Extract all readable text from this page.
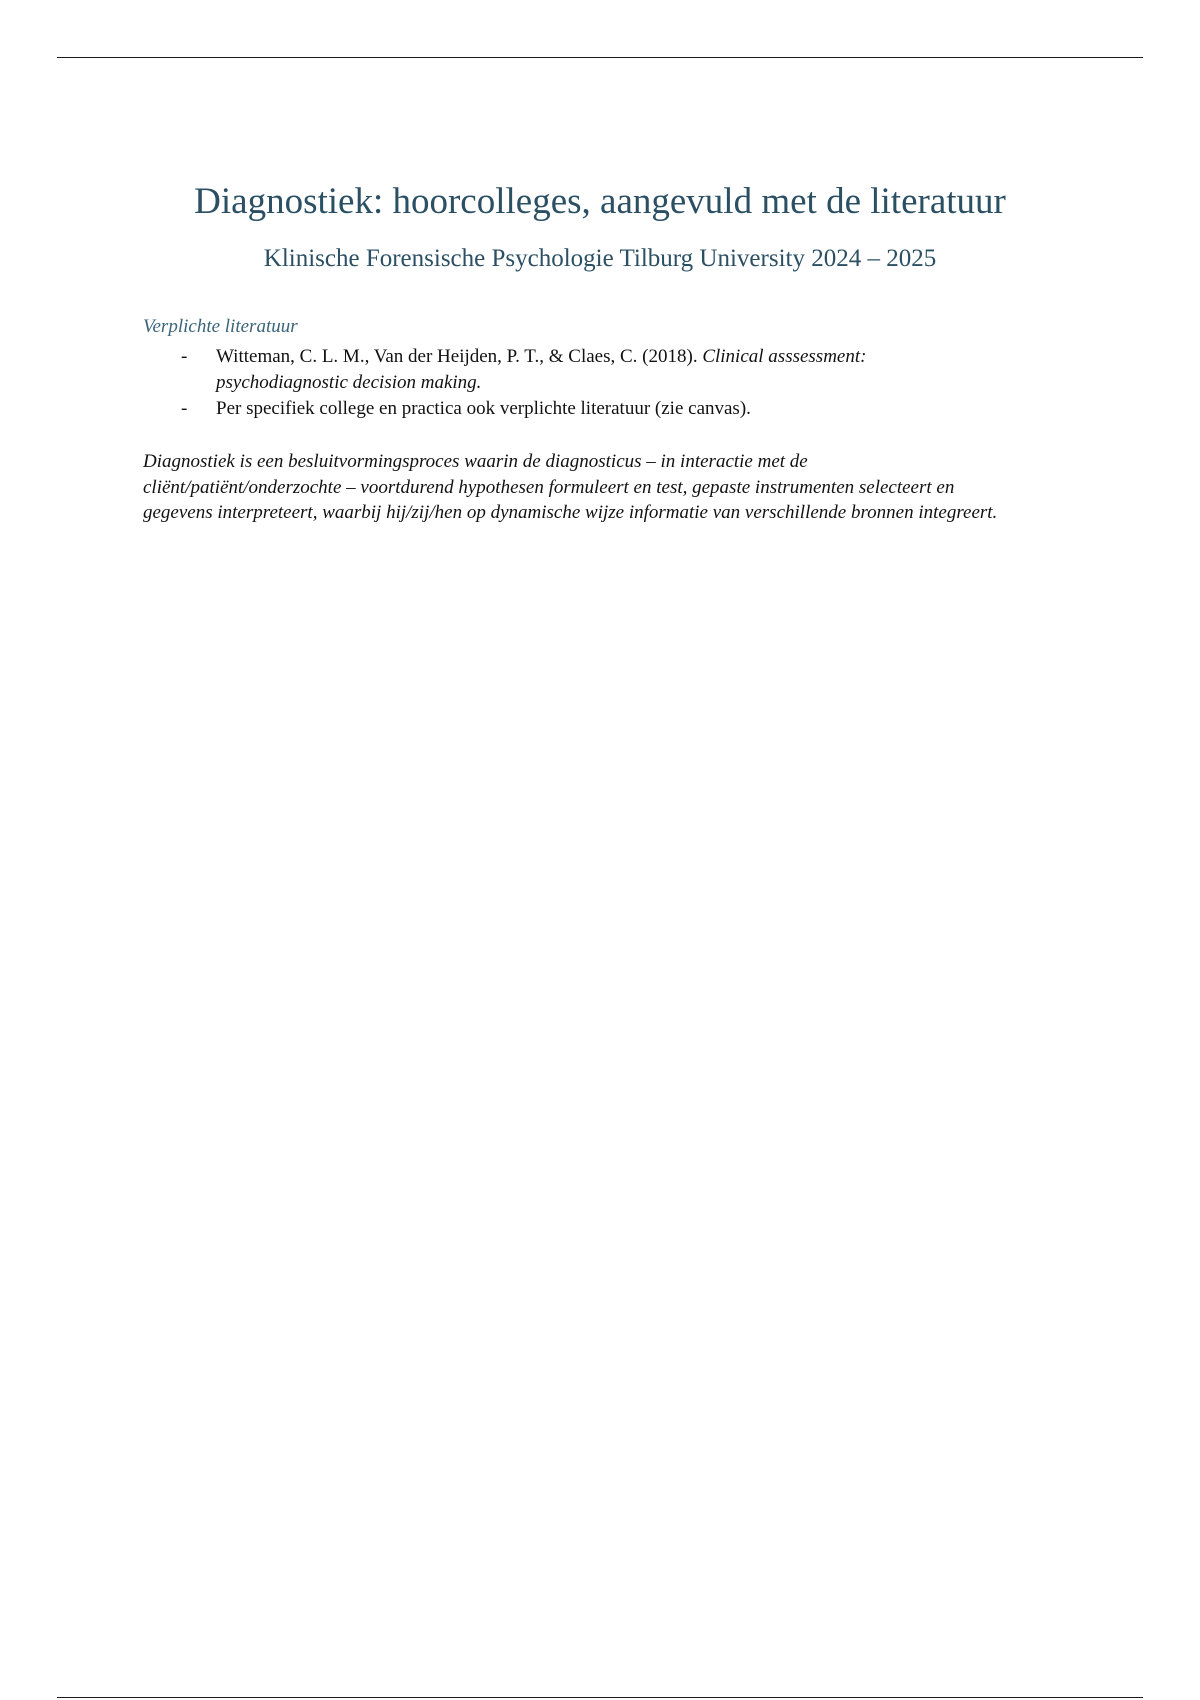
Diagnostiek: hoorcolleges, aangevuld met de literatuur
Klinische Forensische Psychologie Tilburg University 2024 – 2025
Verplichte literatuur
- Witteman, C. L. M., Van der Heijden, P. T., & Claes, C. (2018). Clinical asssessment: psychodiagnostic decision making.
- Per specifiek college en practica ook verplichte literatuur (zie canvas).

Diagnostiek is een besluitvormingsproces waarin de diagnosticus – in interactie met de cliënt/patiënt/onderzochte – voortdurend hypothesen formuleert en test, gepaste instrumenten selecteert en gegevens interpreteert, waarbij hij/zij/hen op dynamische wijze informatie van verschillende bronnen integreert.
